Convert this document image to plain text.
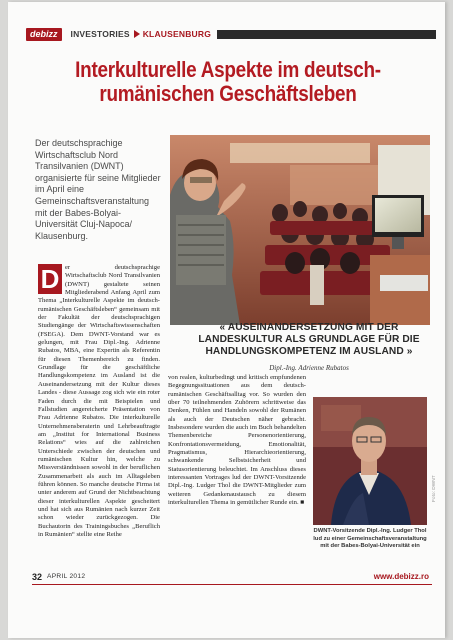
debizz	INVESTORIES KLAUSENBURG
Interkulturelle Aspekte im deutsch-rumänischen Geschäftsleben

Der deutschsprachige Wirtschaftsclub Nord Transilvanien (DWNT) organisierte für seine Mitglieder im April eine Gemeinschaftsveranstaltung mit der Babes-Bolyai-Universität Cluj-Napoca/ Klausenburg.

« AUSEINANDERSETZUNG MIT DER LANDESKULTUR ALS GRUNDLAGE FÜR DIE HANDLUNGSKOMPETENZ IM AUSLAND »
Dipl.-Ing. Adrienne Rubatos
D er deutschsprachige Wirtschaftsclub Nord Transilvanien (DWNT) gestaltete seinen Mitgliederabend Anfang April zum Thema „Interkulturelle Aspekte im deutsch-rumänischen Geschäftsleben“ gemeinsam mit der Fakultät der deutschsprachigen Studiengänge der Wirtschaftswissenschaften (FSEGA). Dem DWNT-Vorstand war es gelungen, mit Frau Dipl.-Ing. Adrienne Rubatos, MBA, eine Expertin als Referentin für diesen Themenbereich zu finden. Grundlage für die geschäftliche Handlungskompetenz im Ausland ist die Auseinandersetzung mit der Kultur dieses Landes - diese Aussage zog sich wie ein roter Faden durch die mit Beispielen und Fallstudien angereicherte Präsentation von Frau Adrienne Rubatos. Die interkulturelle Unternehmensberaterin und Lehrbeauftragte am „Institut for International Business Relations“ wies auf die zahlreichen Unterschiede zwischen der deutschen und rumänischen Kultur hin, welche zu Missverständnissen sowohl in der beruflichen Zusammenarbeit als auch im Alltagsleben führen können. So manche deutsche Firma ist unter anderem auf Grund der Nichtbeachtung dieser interkulturellen Aspekte gescheitert und hat sich aus Rumänien nach kurzer Zeit schon wieder zurückgezogen. Die Buchautorin des Trainingsbuches „Beruflich in Rumänien“ stellte eine Reihe
von realen, kulturbedingt und kritisch empfundenen Begegnungssituationen aus dem deutsch-rumänischen Geschäftsalltag vor. So wurden den über 70 teilnehmenden Zuhörern schrittweise das Denken, Fühlen und Handeln sowohl der Rumänen als auch der Deutschen näher gebracht. Insbesondere wurden die auch im Buch behandelten Themenbereiche Personenorientierung, Konfrontationsvermeidung, Emotionalität, Pragmatismus, Hierarchieorientierung, schwankende Selbstsicherheit und Statusorientierung beleuchtet. Im Anschluss dieses interessanten Vortrages lud der DWNT-Vorsitzende Dipl.-Ing. Ludger Thol die DWNT-Mitglieder zum weiteren Gedankenaustausch zu diesem interkulturellen Thema in gemütlicher Runde ein. ■
DWNT-Vorsitzende Dipl.-Ing. Ludger Thol lud zu einer Gemeinschaftsveranstaltung mit der Babes-Bolyai-Universität ein
32 APRIL 2012	www.debizz.ro
Foto: DWNT
